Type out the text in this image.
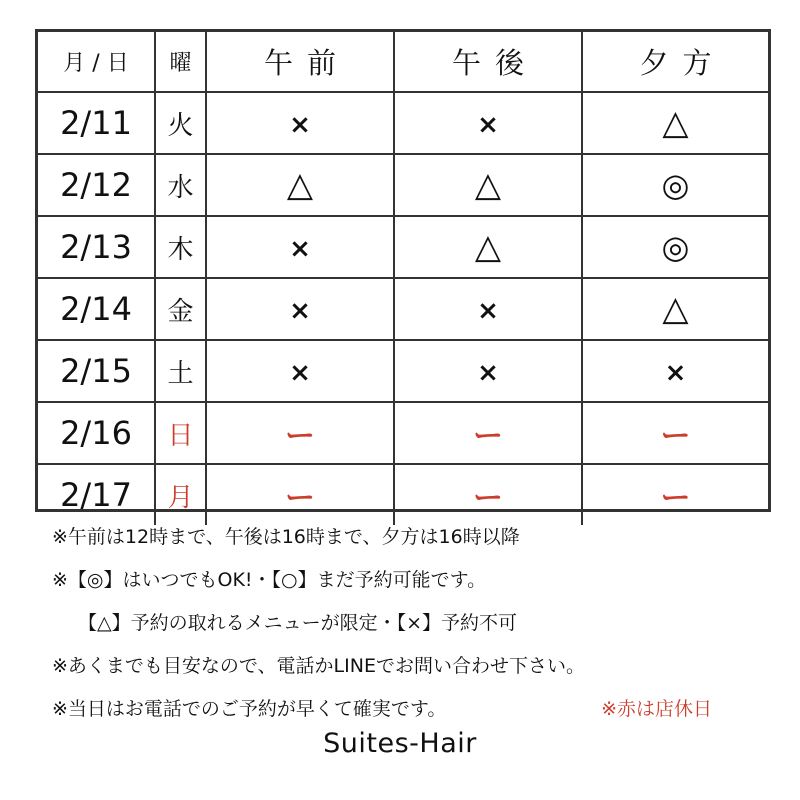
月 / 日	曜	午前	午後	夕方
2/11	火	×	×	△
2/12	水	△	△	◎
2/13	木	×	△	◎
2/14	金	×	×	△
2/15	土	×	×	×
2/16	日	ー	ー	ー
2/17	月	ー	ー	ー
※午前は12時まで、午後は16時まで、夕方は16時以降
※【◎】はいつでもOK!・【○】まだ予約可能です。
【△】予約の取れるメニューが限定・【×】予約不可
※あくまでも目安なので、電話かLINEでお問い合わせ下さい。
※当日はお電話でのご予約が早くて確実です。	※赤は店休日
Suites-Hair
